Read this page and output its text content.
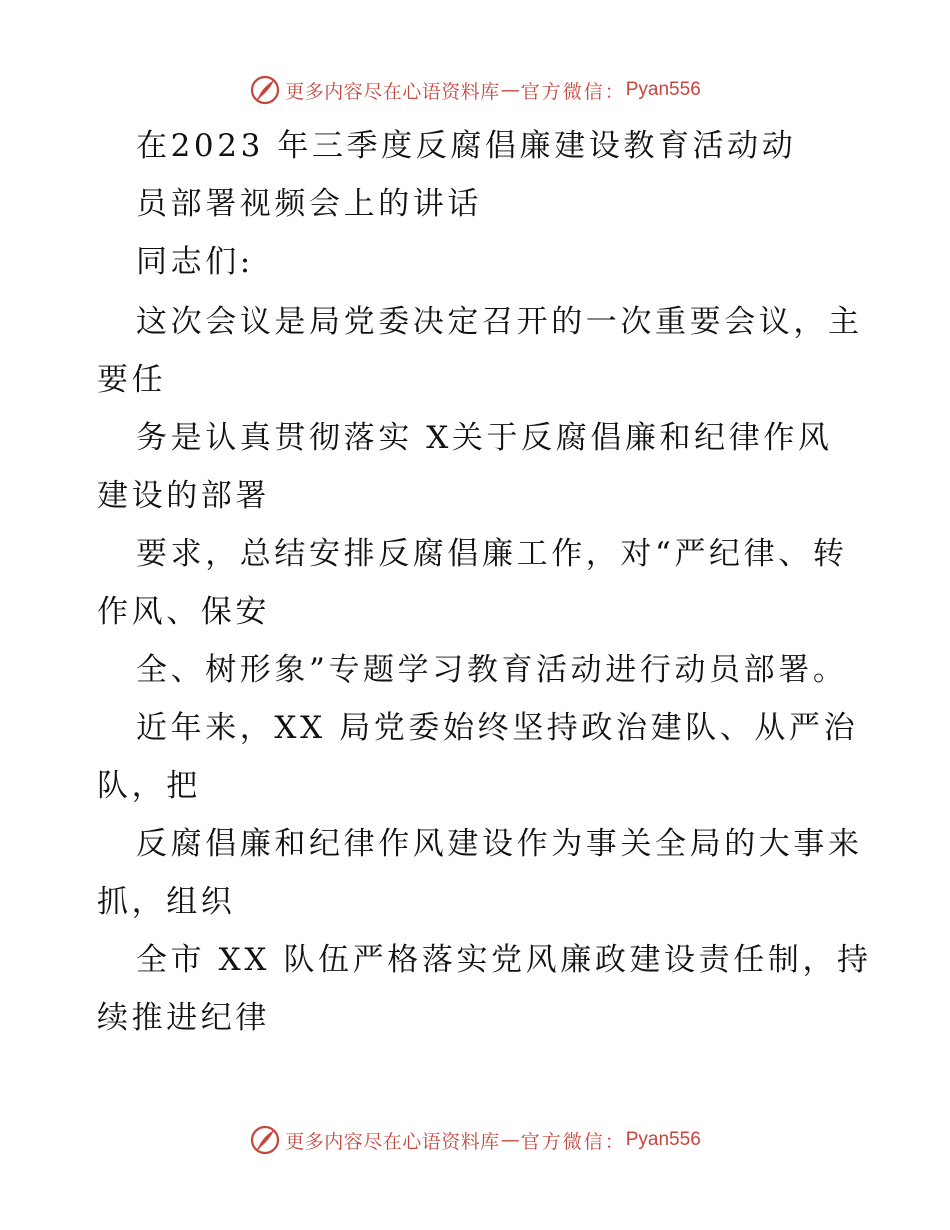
更多内容尽在心语资料库 — 官方微信： Pyan556
在2023 年三季度反腐倡廉建设教育活动动
员部署视频会上的讲话
同志们:
这次会议是局党委决定召开的一次重要会议，主
要任
务是认真贯彻落实 X关于反腐倡廉和纪律作风
建设的部署
要求，总结安排反腐倡廉工作，对“严纪律、转
作风、保安
全、树形象”专题学习教育活动进行动员部署。
近年来，XX 局党委始终坚持政治建队、从严治
队，把
反腐倡廉和纪律作风建设作为事关全局的大事来
抓，组织
全市 XX 队伍严格落实党风廉政建设责任制，持
续推进纪律
更多内容尽在心语资料库 — 官方微信： Pyan556
